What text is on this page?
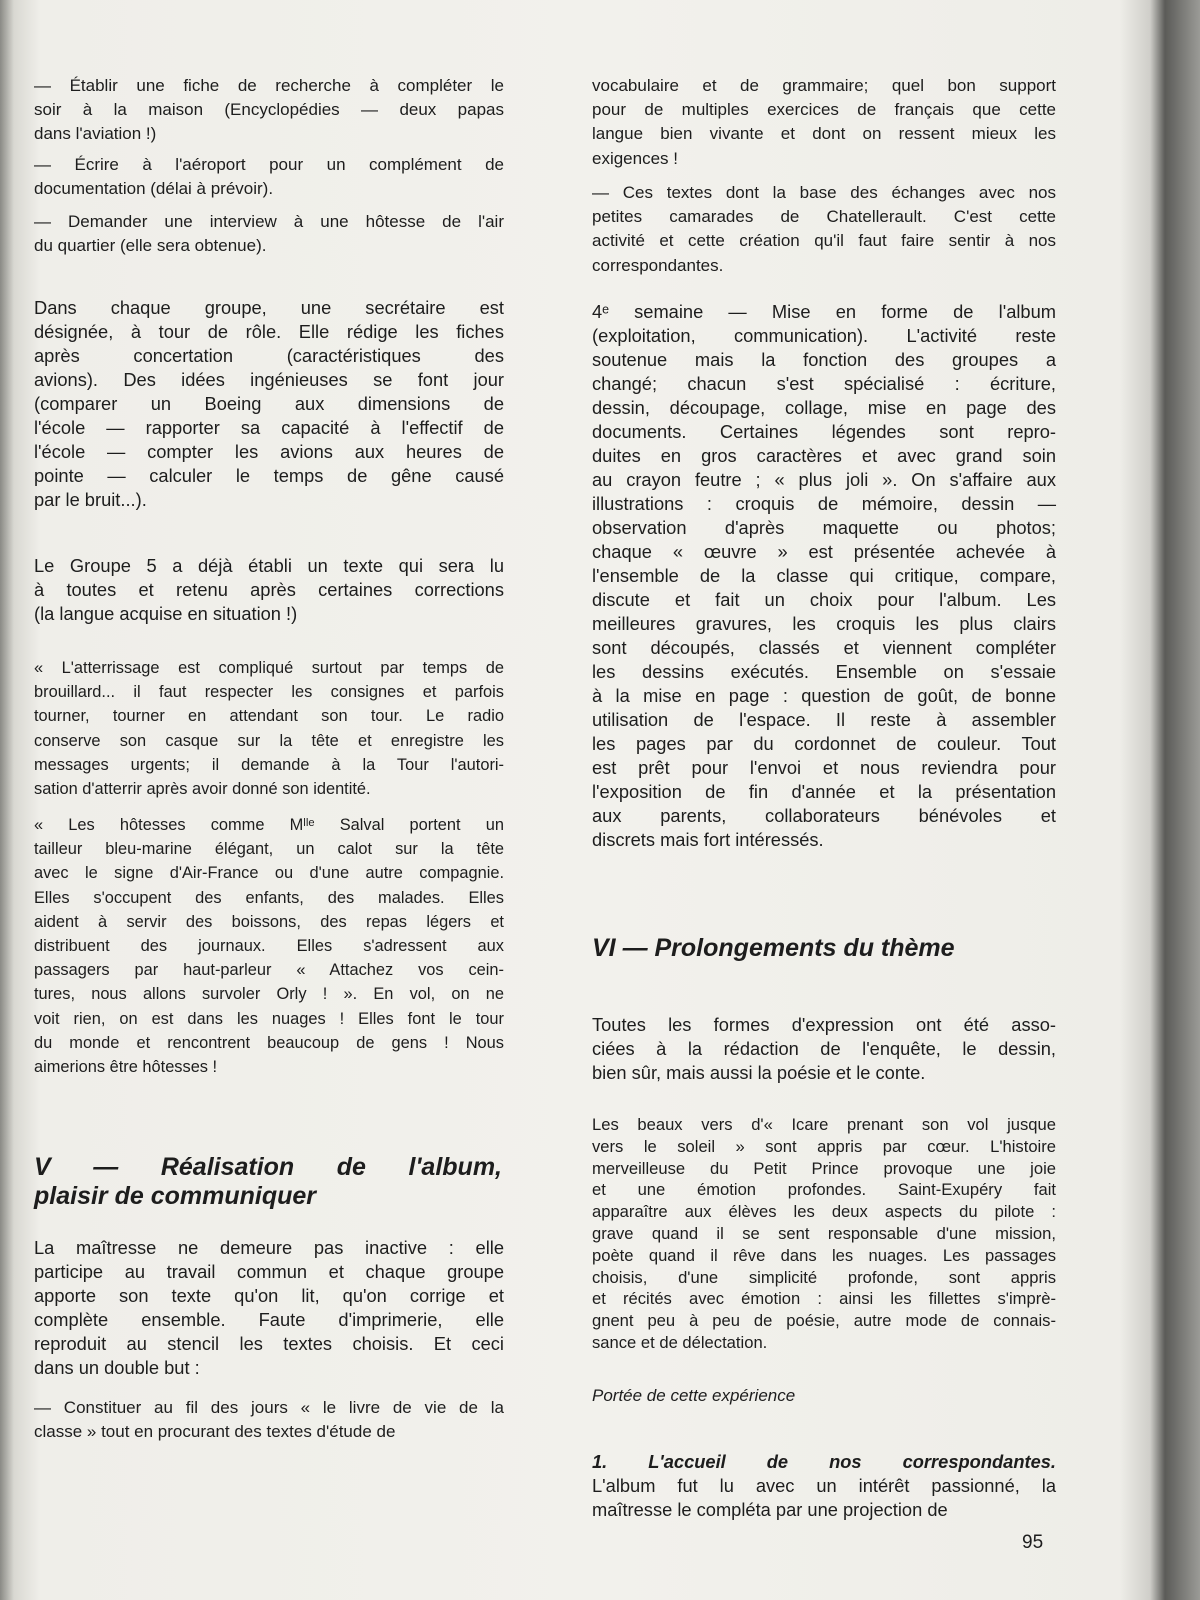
— Établir une fiche de recherche à compléter le
soir à la maison (Encyclopédies — deux papas
dans l'aviation !)
— Écrire à l'aéroport pour un complément de
documentation (délai à prévoir).
— Demander une interview à une hôtesse de l'air
du quartier (elle sera obtenue).
Dans chaque groupe, une secrétaire est
désignée, à tour de rôle. Elle rédige les fiches
après concertation (caractéristiques des
avions). Des idées ingénieuses se font jour
(comparer un Boeing aux dimensions de
l'école — rapporter sa capacité à l'effectif de
l'école — compter les avions aux heures de
pointe — calculer le temps de gêne causé
par le bruit...).
Le Groupe 5 a déjà établi un texte qui sera lu
à toutes et retenu après certaines corrections
(la langue acquise en situation !)
« L'atterrissage est compliqué surtout par temps de
brouillard... il faut respecter les consignes et parfois
tourner, tourner en attendant son tour. Le radio
conserve son casque sur la tête et enregistre les
messages urgents; il demande à la Tour l'autori-
sation d'atterrir après avoir donné son identité.
« Les hôtesses comme Mˡˡᵉ Salval portent un
tailleur bleu-marine élégant, un calot sur la tête
avec le signe d'Air-France ou d'une autre compagnie.
Elles s'occupent des enfants, des malades. Elles
aident à servir des boissons, des repas légers et
distribuent des journaux. Elles s'adressent aux
passagers par haut-parleur « Attachez vos cein-
tures, nous allons survoler Orly ! ». En vol, on ne
voit rien, on est dans les nuages ! Elles font le tour
du monde et rencontrent beaucoup de gens ! Nous
aimerions être hôtesses !
V — Réalisation de l'album,
plaisir de communiquer
La maîtresse ne demeure pas inactive : elle
participe au travail commun et chaque groupe
apporte son texte qu'on lit, qu'on corrige et
complète ensemble. Faute d'imprimerie, elle
reproduit au stencil les textes choisis. Et ceci
dans un double but :
— Constituer au fil des jours « le livre de vie de la
classe » tout en procurant des textes d'étude de
vocabulaire et de grammaire; quel bon support
pour de multiples exercices de français que cette
langue bien vivante et dont on ressent mieux les
exigences !
— Ces textes dont la base des échanges avec nos
petites camarades de Chatellerault. C'est cette
activité et cette création qu'il faut faire sentir à nos
correspondantes.
4ᵉ semaine — Mise en forme de l'album
(exploitation, communication). L'activité reste
soutenue mais la fonction des groupes a
changé; chacun s'est spécialisé : écriture,
dessin, découpage, collage, mise en page des
documents. Certaines légendes sont repro-
duites en gros caractères et avec grand soin
au crayon feutre ; « plus joli ». On s'affaire aux
illustrations : croquis de mémoire, dessin —
observation d'après maquette ou photos;
chaque « œuvre » est présentée achevée à
l'ensemble de la classe qui critique, compare,
discute et fait un choix pour l'album. Les
meilleures gravures, les croquis les plus clairs
sont découpés, classés et viennent compléter
les dessins exécutés. Ensemble on s'essaie
à la mise en page : question de goût, de bonne
utilisation de l'espace. Il reste à assembler
les pages par du cordonnet de couleur. Tout
est prêt pour l'envoi et nous reviendra pour
l'exposition de fin d'année et la présentation
aux parents, collaborateurs bénévoles et
discrets mais fort intéressés.
VI — Prolongements du thème
Toutes les formes d'expression ont été asso-
ciées à la rédaction de l'enquête, le dessin,
bien sûr, mais aussi la poésie et le conte.
Les beaux vers d'« Icare prenant son vol jusque
vers le soleil » sont appris par cœur. L'histoire
merveilleuse du Petit Prince provoque une joie
et une émotion profondes. Saint-Exupéry fait
apparaître aux élèves les deux aspects du pilote :
grave quand il se sent responsable d'une mission,
poète quand il rêve dans les nuages. Les passages
choisis, d'une simplicité profonde, sont appris
et récités avec émotion : ainsi les fillettes s'imprè-
gnent peu à peu de poésie, autre mode de connais-
sance et de délectation.
Portée de cette expérience
1. L'accueil de nos correspondantes.
L'album fut lu avec un intérêt passionné, la
maîtresse le compléta par une projection de
95
